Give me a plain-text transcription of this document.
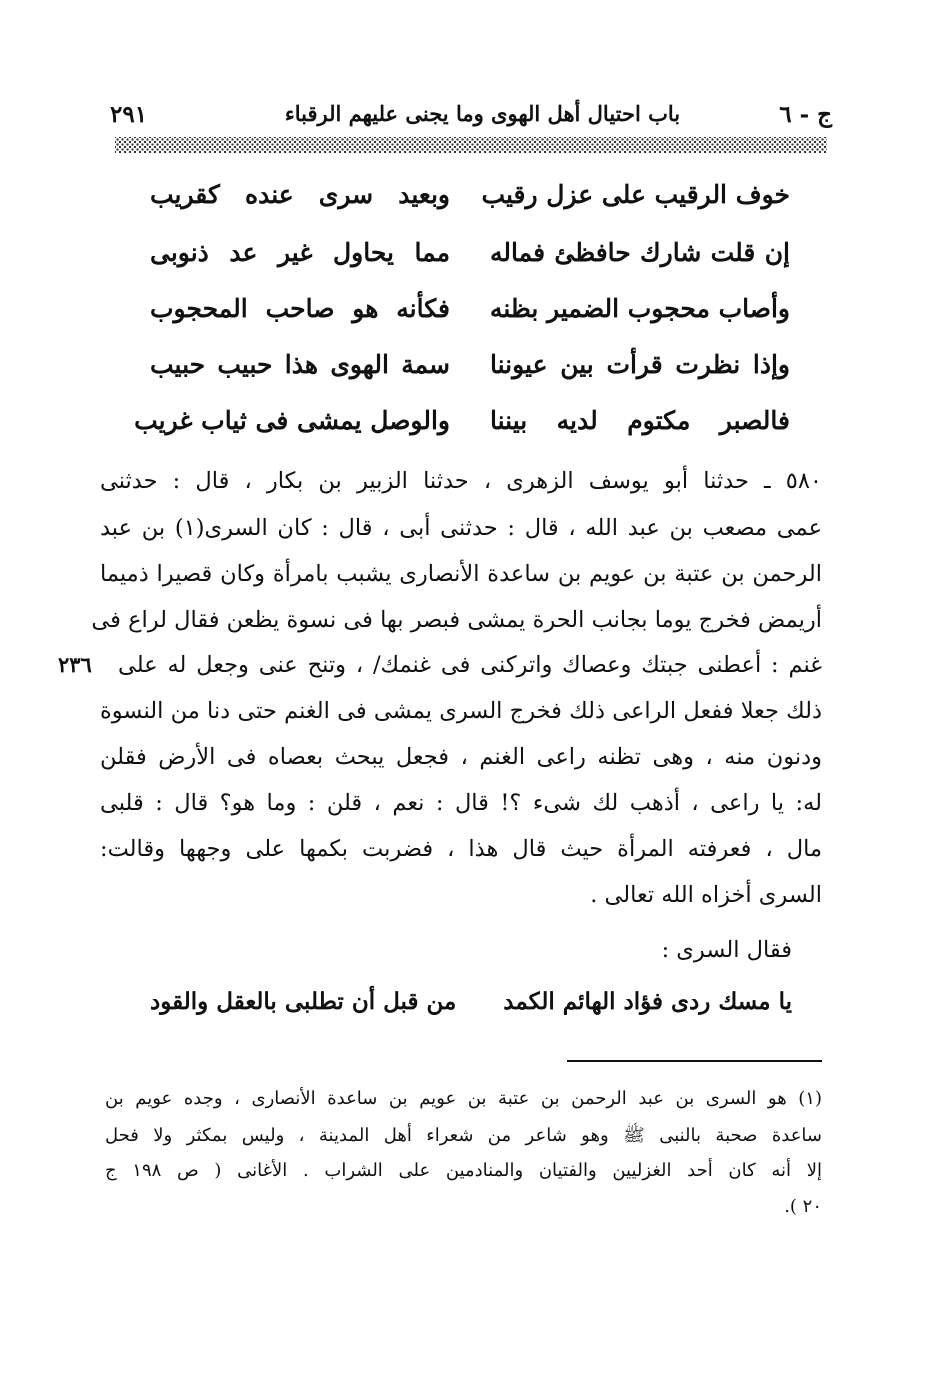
ج - ٦
باب احتيال أهل الهوى وما يجنى عليهم الرقباء
٢٩١
خوف الرقيب على عزل رقيب
وبعيد سرى عنده كقريب
إن قلت شارك حافظئ فماله
مما يحاول غير عد ذنوبى
وأصاب محجوب الضمير بظنه
فكأنه هو صاحب المحجوب
وإذا نظرت قرأت بين عيوننا
سمة الهوى هذا حبيب حبيب
فالصبر مكتوم لديه بيننا
والوصل يمشى فى ثياب غريب
٥٨٠ ـ حدثنا أبو يوسف الزهرى ، حدثنا الزبير بن بكار ، قال : حدثنى
عمى مصعب بن عبد الله ، قال : حدثنى أبى ، قال : كان السرى(١) بن عبد
الرحمن بن عتبة بن عويم بن ساعدة الأنصارى يشبب بامرأة وكان قصيرا ذميما
أريمض فخرج يوما بجانب الحرة يمشى فبصر بها فى نسوة يظعن فقال لراع فى
غنم : أعطنى جبتك وعصاك واتركنى فى غنمك/ ، وتنح عنى وجعل له على
ذلك جعلا ففعل الراعى ذلك فخرج السرى يمشى فى الغنم حتى دنا من النسوة
ودنون منه ، وهى تظنه راعى الغنم ، فجعل يبحث بعصاه فى الأرض فقلن
له: يا راعى ، أذهب لك شىء ؟! قال : نعم ، قلن : وما هو؟ قال : قلبى
مال ، فعرفته المرأة حيث قال هذا ، فضربت بكمها على وجهها وقالت:
السرى أخزاه الله تعالى .
٢٣٦
فقال السرى :
يا مسك ردى فؤاد الهائم الكمد
من قبل أن تطلبى بالعقل والقود
(١) هو السرى بن عبد الرحمن بن عتبة بن عويم بن ساعدة الأنصارى ، وجده عويم بن
ساعدة صحبة بالنبى ﷺ وهو شاعر من شعراء أهل المدينة ، وليس بمكثر ولا فحل
إلا أنه كان أحد الغزليين والفتيان والمنادمين على الشراب . الأغانى ( ص ١٩٨ ج
٢٠ ).
